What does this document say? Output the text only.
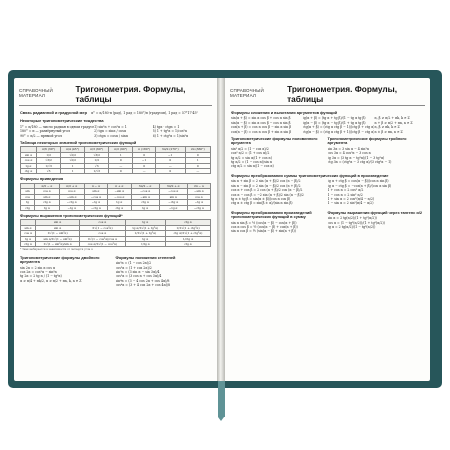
СПРАВОЧНЫЙ МАТЕРИАЛ
Тригонометрия. Формулы, таблицы
Связь радианной и градусной мер α° = α/180·π (рад), 1 рад = 180°/π (градусов), 1 рад ≈ 57°17'45"
Некоторые тригонометрические тождества
1° = π/180 — число радиан в одном градусе
180° = π — развёрнутый угол
90° = π/2 — прямой угол
1) sin²α + cos²α = 1
2) tgα = sinα / cosα
3) ctgα = cosα / sinα
4) tgα · ctgα = 1
5) 1 + tg²α = 1/cos²α
6) 1 + ctg²α = 1/sin²α
Таблица некоторых значений тригонометрических функций
	π/6 (30°)	π/4 (45°)	π/3 (60°)	π/2 (90°)	π (180°)	3π/2 (270°)	2π (360°)
sin α	1/2	√2/2	√3/2	1	0	−1	0
cos α	√3/2	√2/2	1/2	0	−1	0	1
tg α	1/√3	1	√3	—	0	—	0
ctg α	√3	1	1/√3	0	—	0	—
Формулы приведения
	π/2 − α	π/2 + α	π − α	π + α	3π/2 − α	3π/2 + α	2π − α
sin	cos α	cos α	sin α	−sin α	−cos α	−cos α	−sin α
cos	sin α	−sin α	−cos α	−cos α	−sin α	sin α	cos α
tg	ctg α	−ctg α	−tg α	tg α	ctg α	−ctg α	−tg α
ctg	tg α	−tg α	−ctg α	ctg α	tg α	−tg α	−ctg α
Формулы выражения тригонометрических функций*
	sin α	cos α	tg α	ctg α
sin α	sin α	±√(1 − cos²α)	tg α/±√(1 + tg²α)	1/±√(1 + ctg²α)
cos α	±√(1 − sin²α)	cos α	1/±√(1 + tg²α)	ctg α/±√(1 + ctg²α)
tg α	sin α/±√(1 − sin²α)	±√(1 − cos²α)/cos α	tg α	1/ctg α
ctg α	±√(1 − sin²α)/sin α	cos α/±√(1 − cos²α)	1/tg α	ctg α
* Знак выбирается в зависимости от четверти угла α
Тригонометрические формулы двойного аргумента
sin 2α = 2 sin α cos α
cos 2α = cos²α − sin²α
tg 2α = 2 tg α / (1 − tg²α)
α ≠ π/4 + πk/2, α ≠ π/2 + πn, k, n ∈ Z
Формулы понижения степеней
sin²α = (1 − cos 2α)/2
cos²α = (1 + cos 2α)/2
sin³α = (3 sin α − sin 3α)/4
cos³α = (3 cos α + cos 3α)/4
sin⁴α = (3 − 4 cos 2α + cos 4α)/8
cos⁴α = (3 + 4 cos 2α + cos 4α)/8
СПРАВОЧНЫЙ МАТЕРИАЛ
Тригонометрия. Формулы, таблицы
Формулы сложения и вычитания аргументов функций
sin(α + β) = sin α cos β + cos α sin β
sin(α − β) = sin α cos β − cos α sin β
cos(α + β) = cos α cos β − sin α sin β
cos(α − β) = cos α cos β + sin α sin β
tg(α + β) = (tg α + tg β)/(1 − tg α tg β)
tg(α − β) = (tg α − tg β)/(1 + tg α tg β)
ctg(α + β) = (ctg α ctg β − 1)/(ctg β + ctg α)
ctg(α − β) = (ctg α ctg β + 1)/(ctg β − ctg α)
α, β ≠ π/2 + πk, k ∈ Z
α + β ≠ π/2 + πn, n ∈ Z
α, β ≠ πk, k ∈ Z
α ± β ≠ πn, n ∈ Z
Тригонометрические формулы половинного аргумента
sin² α/2 = (1 − cos α)/2
cos² α/2 = (1 + cos α)/2
tg α/2 = sin α/(1 + cos α)
tg α/2 = (1 − cos α)/sin α
ctg α/2 = sin α/(1 − cos α)
Тригонометрические формулы тройного аргумента
sin 3α = 3 sin α − 4 sin³α
cos 3α = 4 cos³α − 3 cos α
tg 3α = (3 tg α − tg³α)/(1 − 3 tg²α)
ctg 3α = (ctg³α − 3 ctg α)/(3 ctg²α − 1)
Формулы преобразования суммы тригонометрических функций в произведение
sin α + sin β = 2 sin (α + β)/2 cos (α − β)/2
sin α − sin β = 2 sin (α − β)/2 cos (α + β)/2
cos α + cos β = 2 cos (α + β)/2 cos (α − β)/2
cos α − cos β = −2 sin (α + β)/2 sin (α − β)/2
tg α ± tg β = sin(α ± β)/(cos α cos β)
ctg α ± ctg β = sin(β ± α)/(sin α sin β)
tg α + ctg β = cos(α − β)/(cos α sin β)
tg α − ctg β = −cos(α + β)/(cos α sin β)
1 + cos α = 2 cos² α/2
1 − cos α = 2 sin² α/2
1 + sin α = 2 cos²(π/4 − α/2)
1 − sin α = 2 sin²(π/4 − α/2)
Формулы преобразования произведений тригонометрических функций в сумму
sin α sin β = ½ (cos(α − β) − cos(α + β))
cos α cos β = ½ (cos(α − β) + cos(α + β))
sin α cos β = ½ (sin(α − β) + sin(α + β))
Формулы выражения функций через тангенс α/2
sin α = 2 tg(α/2)/(1 + tg²(α/2))
cos α = (1 − tg²(α/2))/(1 + tg²(α/2))
tg α = 2 tg(α/2)/(1 − tg²(α/2))
